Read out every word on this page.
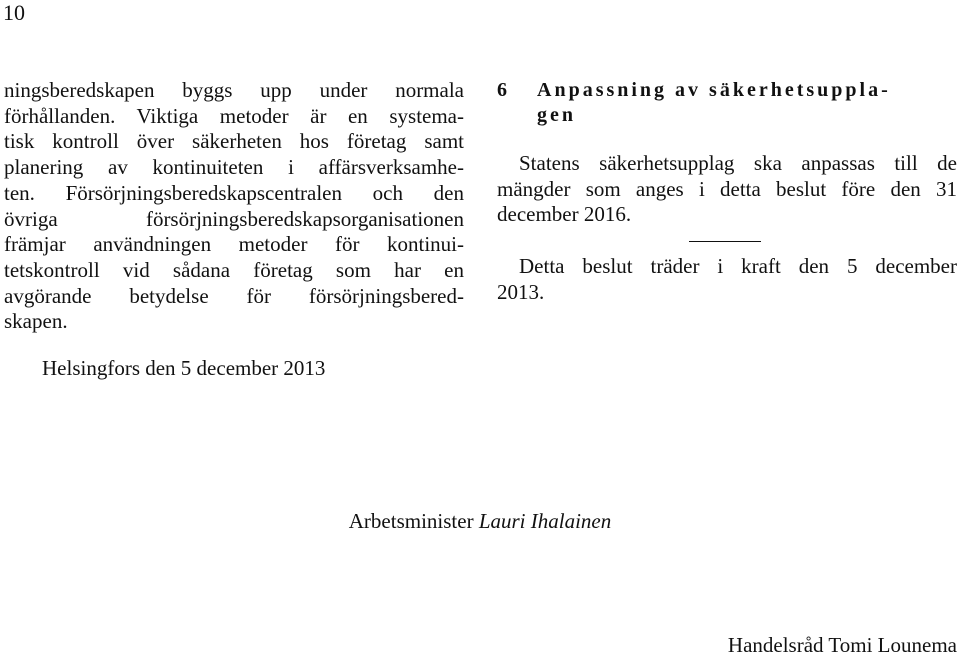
10
ningsberedskapen byggs upp under normala
förhållanden. Viktiga metoder är en systema-
tisk kontroll över säkerheten hos företag samt
planering av kontinuiteten i affärsverksamhe-
ten. Försörjningsberedskapscentralen och den
övriga försörjningsberedskapsorganisationen
främjar användningen metoder för kontinui-
tetskontroll vid sådana företag som har en
avgörande betydelse för försörjningsbered-
skapen.
6 Anpassning av säkerhetsuppla-
gen
Statens säkerhetsupplag ska anpassas till de
mängder som anges i detta beslut före den 31
december 2016.
Detta beslut träder i kraft den 5 december
2013.
Helsingfors den 5 december 2013
Arbetsminister Lauri Ihalainen
Handelsråd Tomi Lounema
